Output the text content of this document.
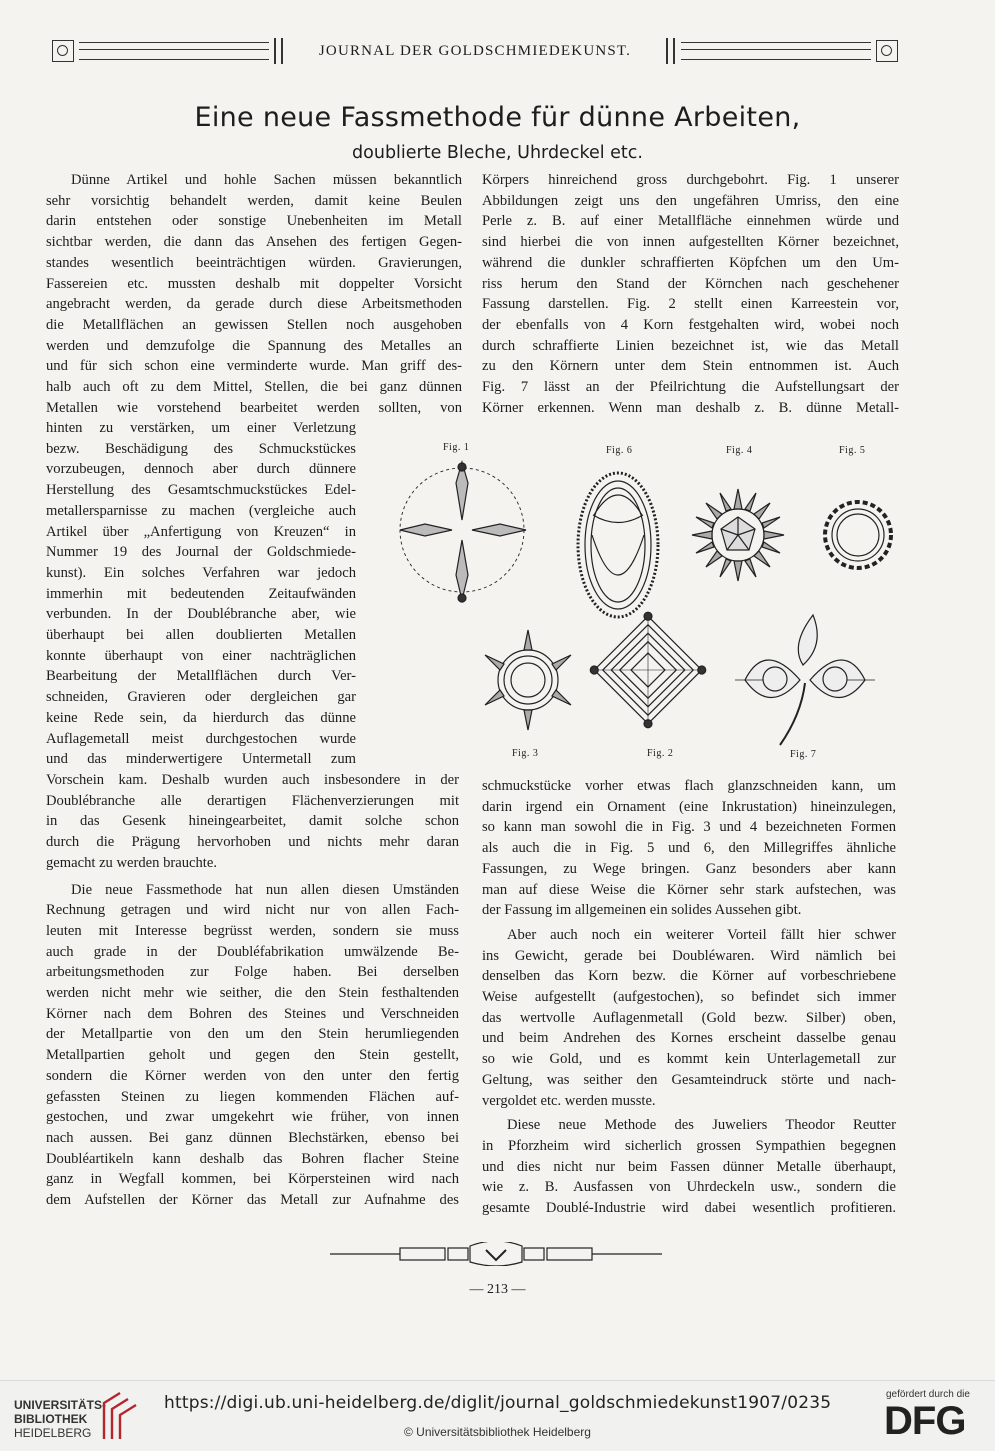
JOURNAL DER GOLDSCHMIEDEKUNST.
Eine neue Fassmethode für dünne Arbeiten,
doublierte Bleche, Uhrdeckel etc.
Dünne Artikel und hohle Sachen müssen bekanntlich
sehr vorsichtig behandelt werden, damit keine Beulen
darin entstehen oder sonstige Unebenheiten im Metall
sichtbar werden, die dann das Ansehen des fertigen Gegen-
standes wesentlich beeinträchtigen würden. Gravierungen,
Fassereien etc. mussten deshalb mit doppelter Vorsicht
angebracht werden, da gerade durch diese Arbeitsmethoden
die Metallflächen an gewissen Stellen noch ausgehoben
werden und demzufolge die Spannung des Metalles an
und für sich schon eine verminderte wurde. Man griff des-
halb auch oft zu dem Mittel, Stellen, die bei ganz dünnen
Metallen wie vorstehend bearbeitet werden sollten, von
hinten zu verstärken, um einer Verletzung
bezw. Beschädigung des Schmuckstückes
vorzubeugen, dennoch aber durch dünnere
Herstellung des Gesamtschmuckstückes Edel-
metallersparnisse zu machen (vergleiche auch
Artikel über „Anfertigung von Kreuzen“ in
Nummer 19 des Journal der Goldschmiede-
kunst). Ein solches Verfahren war jedoch
immerhin mit bedeutenden Zeitaufwänden
verbunden. In der Doublébranche aber, wie
überhaupt bei allen doublierten Metallen
konnte überhaupt von einer nachträglichen
Bearbeitung der Metallflächen durch Ver-
schneiden, Gravieren oder dergleichen gar
keine Rede sein, da hierdurch das dünne
Auflagemetall meist durchgestochen wurde
und das minderwertigere Untermetall zum
Vorschein kam. Deshalb wurden auch insbesondere in der
Doublébranche alle derartigen Flächenverzierungen mit
in das Gesenk hineingearbeitet, damit solche schon
durch die Prägung hervorhoben und nichts mehr daran
gemacht zu werden brauchte.
Die neue Fassmethode hat nun allen diesen Umständen
Rechnung getragen und wird nicht nur von allen Fach-
leuten mit Interesse begrüsst werden, sondern sie muss
auch grade in der Doubléfabrikation umwälzende Be-
arbeitungsmethoden zur Folge haben. Bei derselben
werden nicht mehr wie seither, die den Stein festhaltenden
Körner nach dem Bohren des Steines und Verschneiden
der Metallpartie von den um den Stein herumliegenden
Metallpartien geholt und gegen den Stein gestellt,
sondern die Körner werden von den unter den fertig
gefassten Steinen zu liegen kommenden Flächen auf-
gestochen, und zwar umgekehrt wie früher, von innen
nach aussen. Bei ganz dünnen Blechstärken, ebenso bei
Doubléartikeln kann deshalb das Bohren flacher Steine
ganz in Wegfall kommen, bei Körpersteinen wird nach
dem Aufstellen der Körner das Metall zur Aufnahme des
Körpers hinreichend gross durchgebohrt. Fig. 1 unserer
Abbildungen zeigt uns den ungefähren Umriss, den eine
Perle z. B. auf einer Metallfläche einnehmen würde und
sind hierbei die von innen aufgestellten Körner bezeichnet,
während die dunkler schraffierten Köpfchen um den Um-
riss herum den Stand der Körnchen nach geschehener
Fassung darstellen. Fig. 2 stellt einen Karreestein vor,
der ebenfalls von 4 Korn festgehalten wird, wobei noch
durch schraffierte Linien bezeichnet ist, wie das Metall
zu den Körnern unter dem Stein entnommen ist. Auch
Fig. 7 lässt an der Pfeilrichtung die Aufstellungsart der
Körner erkennen. Wenn man deshalb z. B. dünne Metall-
schmuckstücke vorher etwas flach glanzschneiden kann, um
darin irgend ein Ornament (eine Inkrustation) hineinzulegen,
so kann man sowohl die in Fig. 3 und 4 bezeichneten Formen
als auch die in Fig. 5 und 6, den Millegriffes ähnliche
Fassungen, zu Wege bringen. Ganz besonders aber kann
man auf diese Weise die Körner sehr stark aufstechen, was
der Fassung im allgemeinen ein solides Aussehen gibt.
Aber auch noch ein weiterer Vorteil fällt hier schwer
ins Gewicht, gerade bei Doubléwaren. Wird nämlich bei
denselben das Korn bezw. die Körner auf vorbeschriebene
Weise aufgestellt (aufgestochen), so befindet sich immer
das wertvolle Auflagenmetall (Gold bezw. Silber) oben,
und beim Andrehen des Kornes erscheint dasselbe genau
so wie Gold, und es kommt kein Unterlagemetall zur
Geltung, was seither den Gesamteindruck störte und nach-
vergoldet etc. werden musste.
Diese neue Methode des Juweliers Theodor Reutter
in Pforzheim wird sicherlich grossen Sympathien begegnen
und dies nicht nur beim Fassen dünner Metalle überhaupt,
wie z. B. Ausfassen von Uhrdeckeln usw., sondern die
gesamte Doublé-Industrie wird dabei wesentlich profitieren.
Fig. 1	Fig. 6	Fig. 4	Fig. 5
Fig. 3	Fig. 2	Fig. 7
— 213 —
UNIVERSITÄTS-
BIBLIOTHEK
HEIDELBERG
https://digi.ub.uni-heidelberg.de/diglit/journal_goldschmiedekunst1907/0235
© Universitätsbibliothek Heidelberg
gefördert durch die
DFG
